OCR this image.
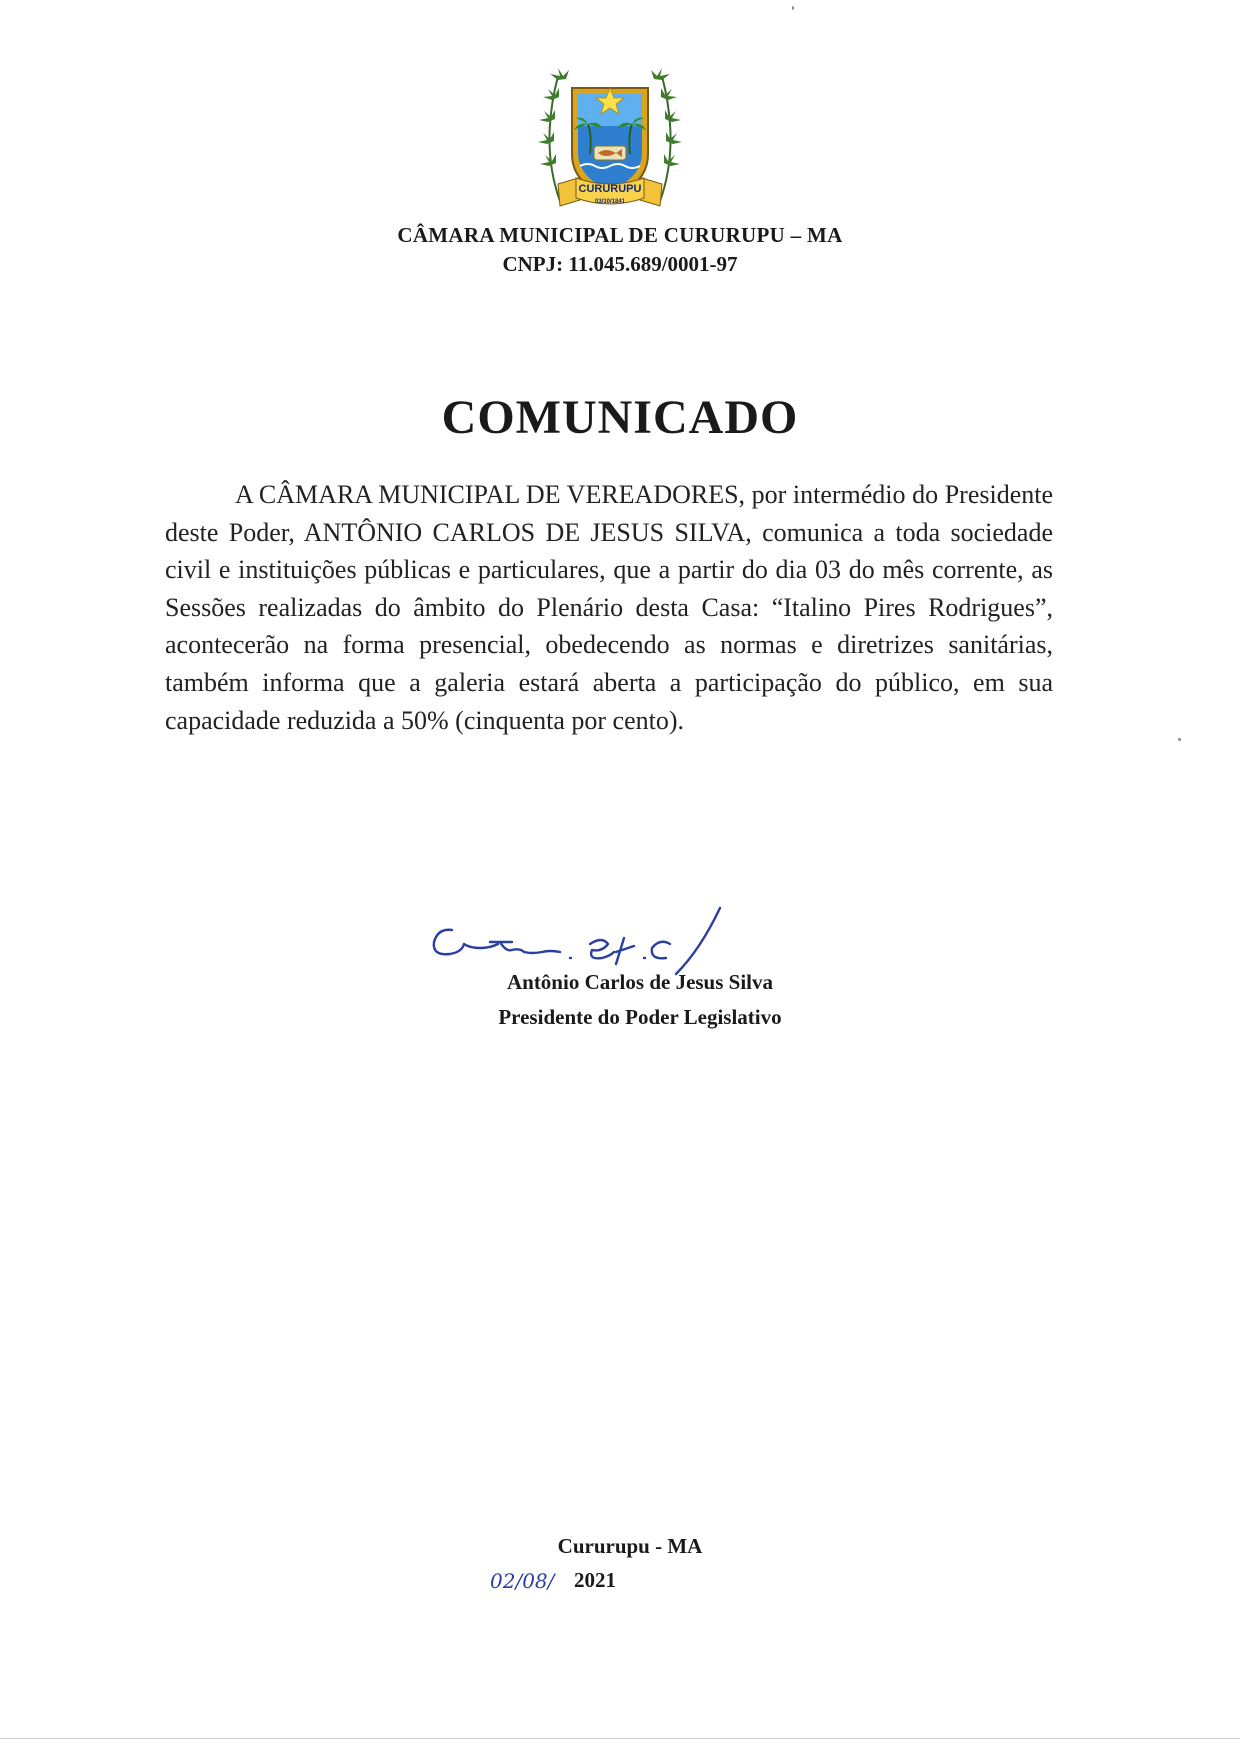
CURURUPU
03/10/1841
CÂMARA MUNICIPAL DE CURURUPU – MA
CNPJ: 11.045.689/0001-97
COMUNICADO

A CÂMARA MUNICIPAL DE VEREADORES, por intermédio do Presidente deste Poder, ANTÔNIO CARLOS DE JESUS SILVA, comunica a toda sociedade civil e instituições públicas e particulares, que a partir do dia 03 do mês corrente, as Sessões realizadas do âmbito do Plenário desta Casa: “Italino Pires Rodrigues”, acontecerão na forma presencial, obedecendo as normas e diretrizes sanitárias, também informa que a galeria estará aberta a participação do público, em sua capacidade reduzida a 50% (cinquenta por cento).

Antônio Carlos de Jesus Silva
Presidente do Poder Legislativo
Cururupu - MA
02/08/ 2021
